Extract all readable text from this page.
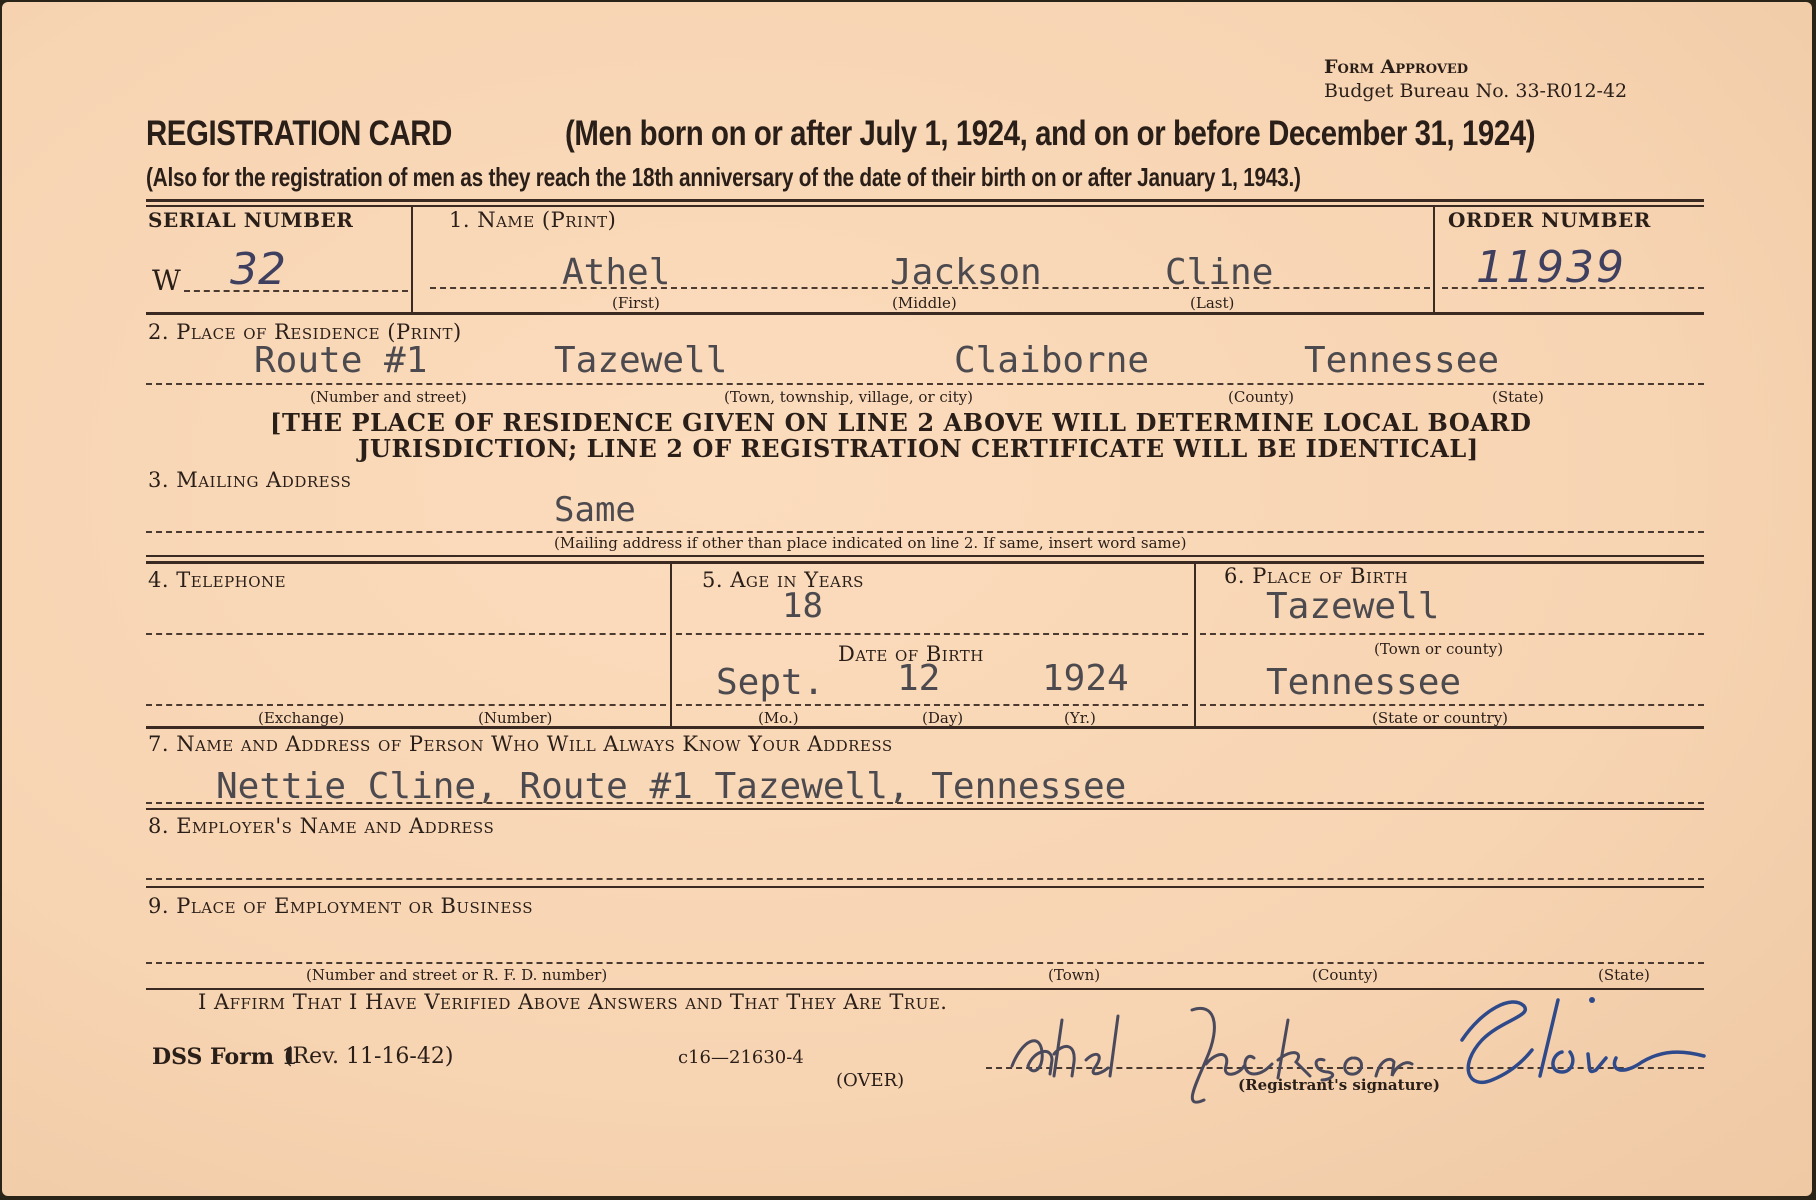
Form Approved
Budget Bureau No. 33-R012-42
REGISTRATION CARD	(Men born on or after July 1, 1924, and on or before December 31, 1924)
(Also for the registration of men as they reach the 18th anniversary of the date of their birth on or after January 1, 1943.)
SERIAL NUMBER
W 32
1. Name (Print)
Athel	Jackson	Cline
(First)	(Middle)	(Last)
ORDER NUMBER
11939
2. Place of Residence (Print)
Route #1	Tazewell	Claiborne	Tennessee
(Number and street)	(Town, township, village, or city)	(County)	(State)
[THE PLACE OF RESIDENCE GIVEN ON LINE 2 ABOVE WILL DETERMINE LOCAL BOARD
JURISDICTION; LINE 2 OF REGISTRATION CERTIFICATE WILL BE IDENTICAL]
3. Mailing Address
Same
(Mailing address if other than place indicated on line 2. If same, insert word same)
4. Telephone
(Exchange)	(Number)
5. Age in Years
18
Date of Birth
Sept. 12	1924
(Mo.)	(Day)	(Yr.)
6. Place of Birth
Tazewell
(Town or county)
Tennessee
(State or country)
7. Name and Address of Person Who Will Always Know Your Address
Nettie Cline, Route #1 Tazewell, Tennessee
8. Employer's Name and Address
9. Place of Employment or Business
(Number and street or R. F. D. number)	(Town)	(County)	(State)
I Affirm That I Have Verified Above Answers and That They Are True.
DSS Form 1
(Rev. 11-16-42)	c16—21630-4
(OVER)	(Registrant's signature)
